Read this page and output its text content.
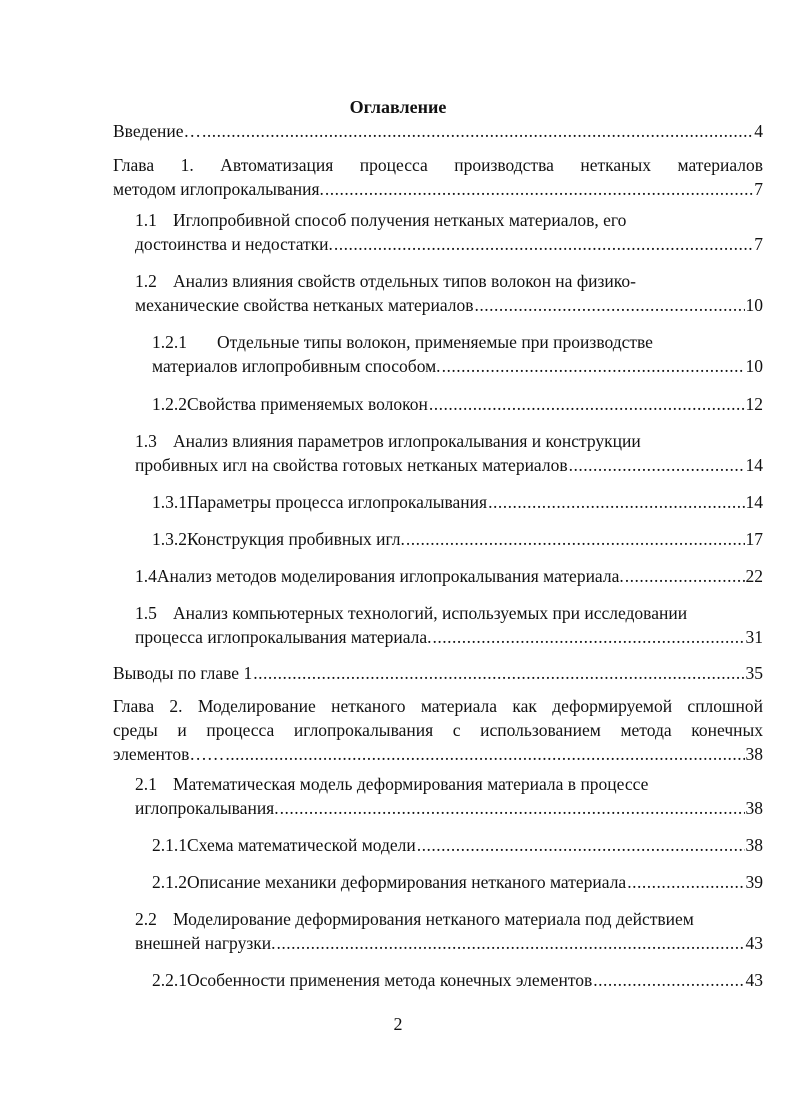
Оглавление
Введение… .....	4
Глава 1. Автоматизация процесса производства нетканых материалов
методом иглопрокалывания. .....	7
1.1 Иглопробивной способ получения нетканых материалов, его
достоинства и недостатки. .....	7
1.2 Анализ влияния свойств отдельных типов волокон на физико-
механические свойства нетканых материалов .....	10
1.2.1 Отдельные типы волокон, применяемые при производстве
материалов иглопробивным способом. .....	10
1.2.2 Свойства применяемых волокон .....	12
1.3 Анализ влияния параметров иглопрокалывания и конструкции
пробивных игл на свойства готовых нетканых материалов .....	14
1.3.1 Параметры процесса иглопрокалывания .....	14
1.3.2 Конструкция пробивных игл. .....	17
1.4 Анализ методов моделирования иглопрокалывания материала. .....	22
1.5 Анализ компьютерных технологий, используемых при исследовании
процесса иглопрокалывания материала. .....	31
Выводы по главе 1 .....	35
Глава 2. Моделирование нетканого материала как деформируемой сплошной
среды и процесса иглопрокалывания с использованием метода конечных
элементов…… .....	38
2.1 Математическая модель деформирования материала в процессе
иглопрокалывания. .....	38
2.1.1 Схема математической модели .....	38
2.1.2 Описание механики деформирования нетканого материала .....	39
2.2 Моделирование деформирования нетканого материала под действием
внешней нагрузки. .....	43
2.2.1 Особенности применения метода конечных элементов .....	43
2
